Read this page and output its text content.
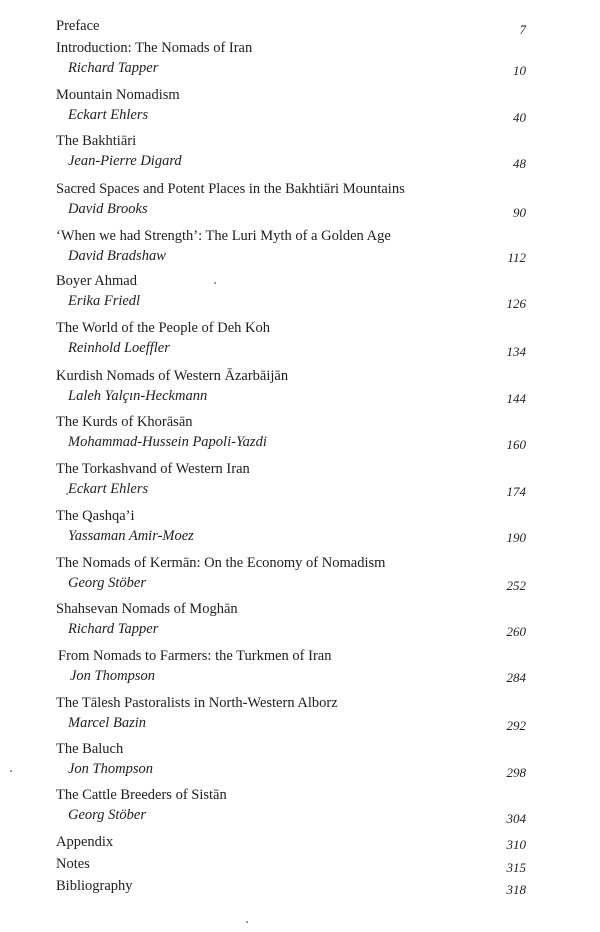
Preface	7
Introduction: The Nomads of Iran
Richard Tapper	10
Mountain Nomadism
Eckart Ehlers	40
The Bakhtiāri
Jean-Pierre Digard	48
Sacred Spaces and Potent Places in the Bakhtiāri Mountains
David Brooks	90
‘When we had Strength’: The Luri Myth of a Golden Age
David Bradshaw	112
Boyer Ahmad
Erika Friedl	126
The World of the People of Deh Koh
Reinhold Loeffler	134
Kurdish Nomads of Western Āzarbāijān
Laleh Yalçın-Heckmann	144
The Kurds of Khorāsān
Mohammad-Hussein Papoli-Yazdi	160
The Torkashvand of Western Iran
Eckart Ehlers	174
The Qashqa’i
Yassaman Amir-Moez	190
The Nomads of Kermān: On the Economy of Nomadism
Georg Stöber	252
Shahsevan Nomads of Moghān
Richard Tapper	260
From Nomads to Farmers: the Turkmen of Iran
Jon Thompson	284
The Tālesh Pastoralists in North-Western Alborz
Marcel Bazin	292
The Baluch
Jon Thompson	298
The Cattle Breeders of Sistān
Georg Stöber	304
Appendix	310
Notes	315
Bibliography	318
